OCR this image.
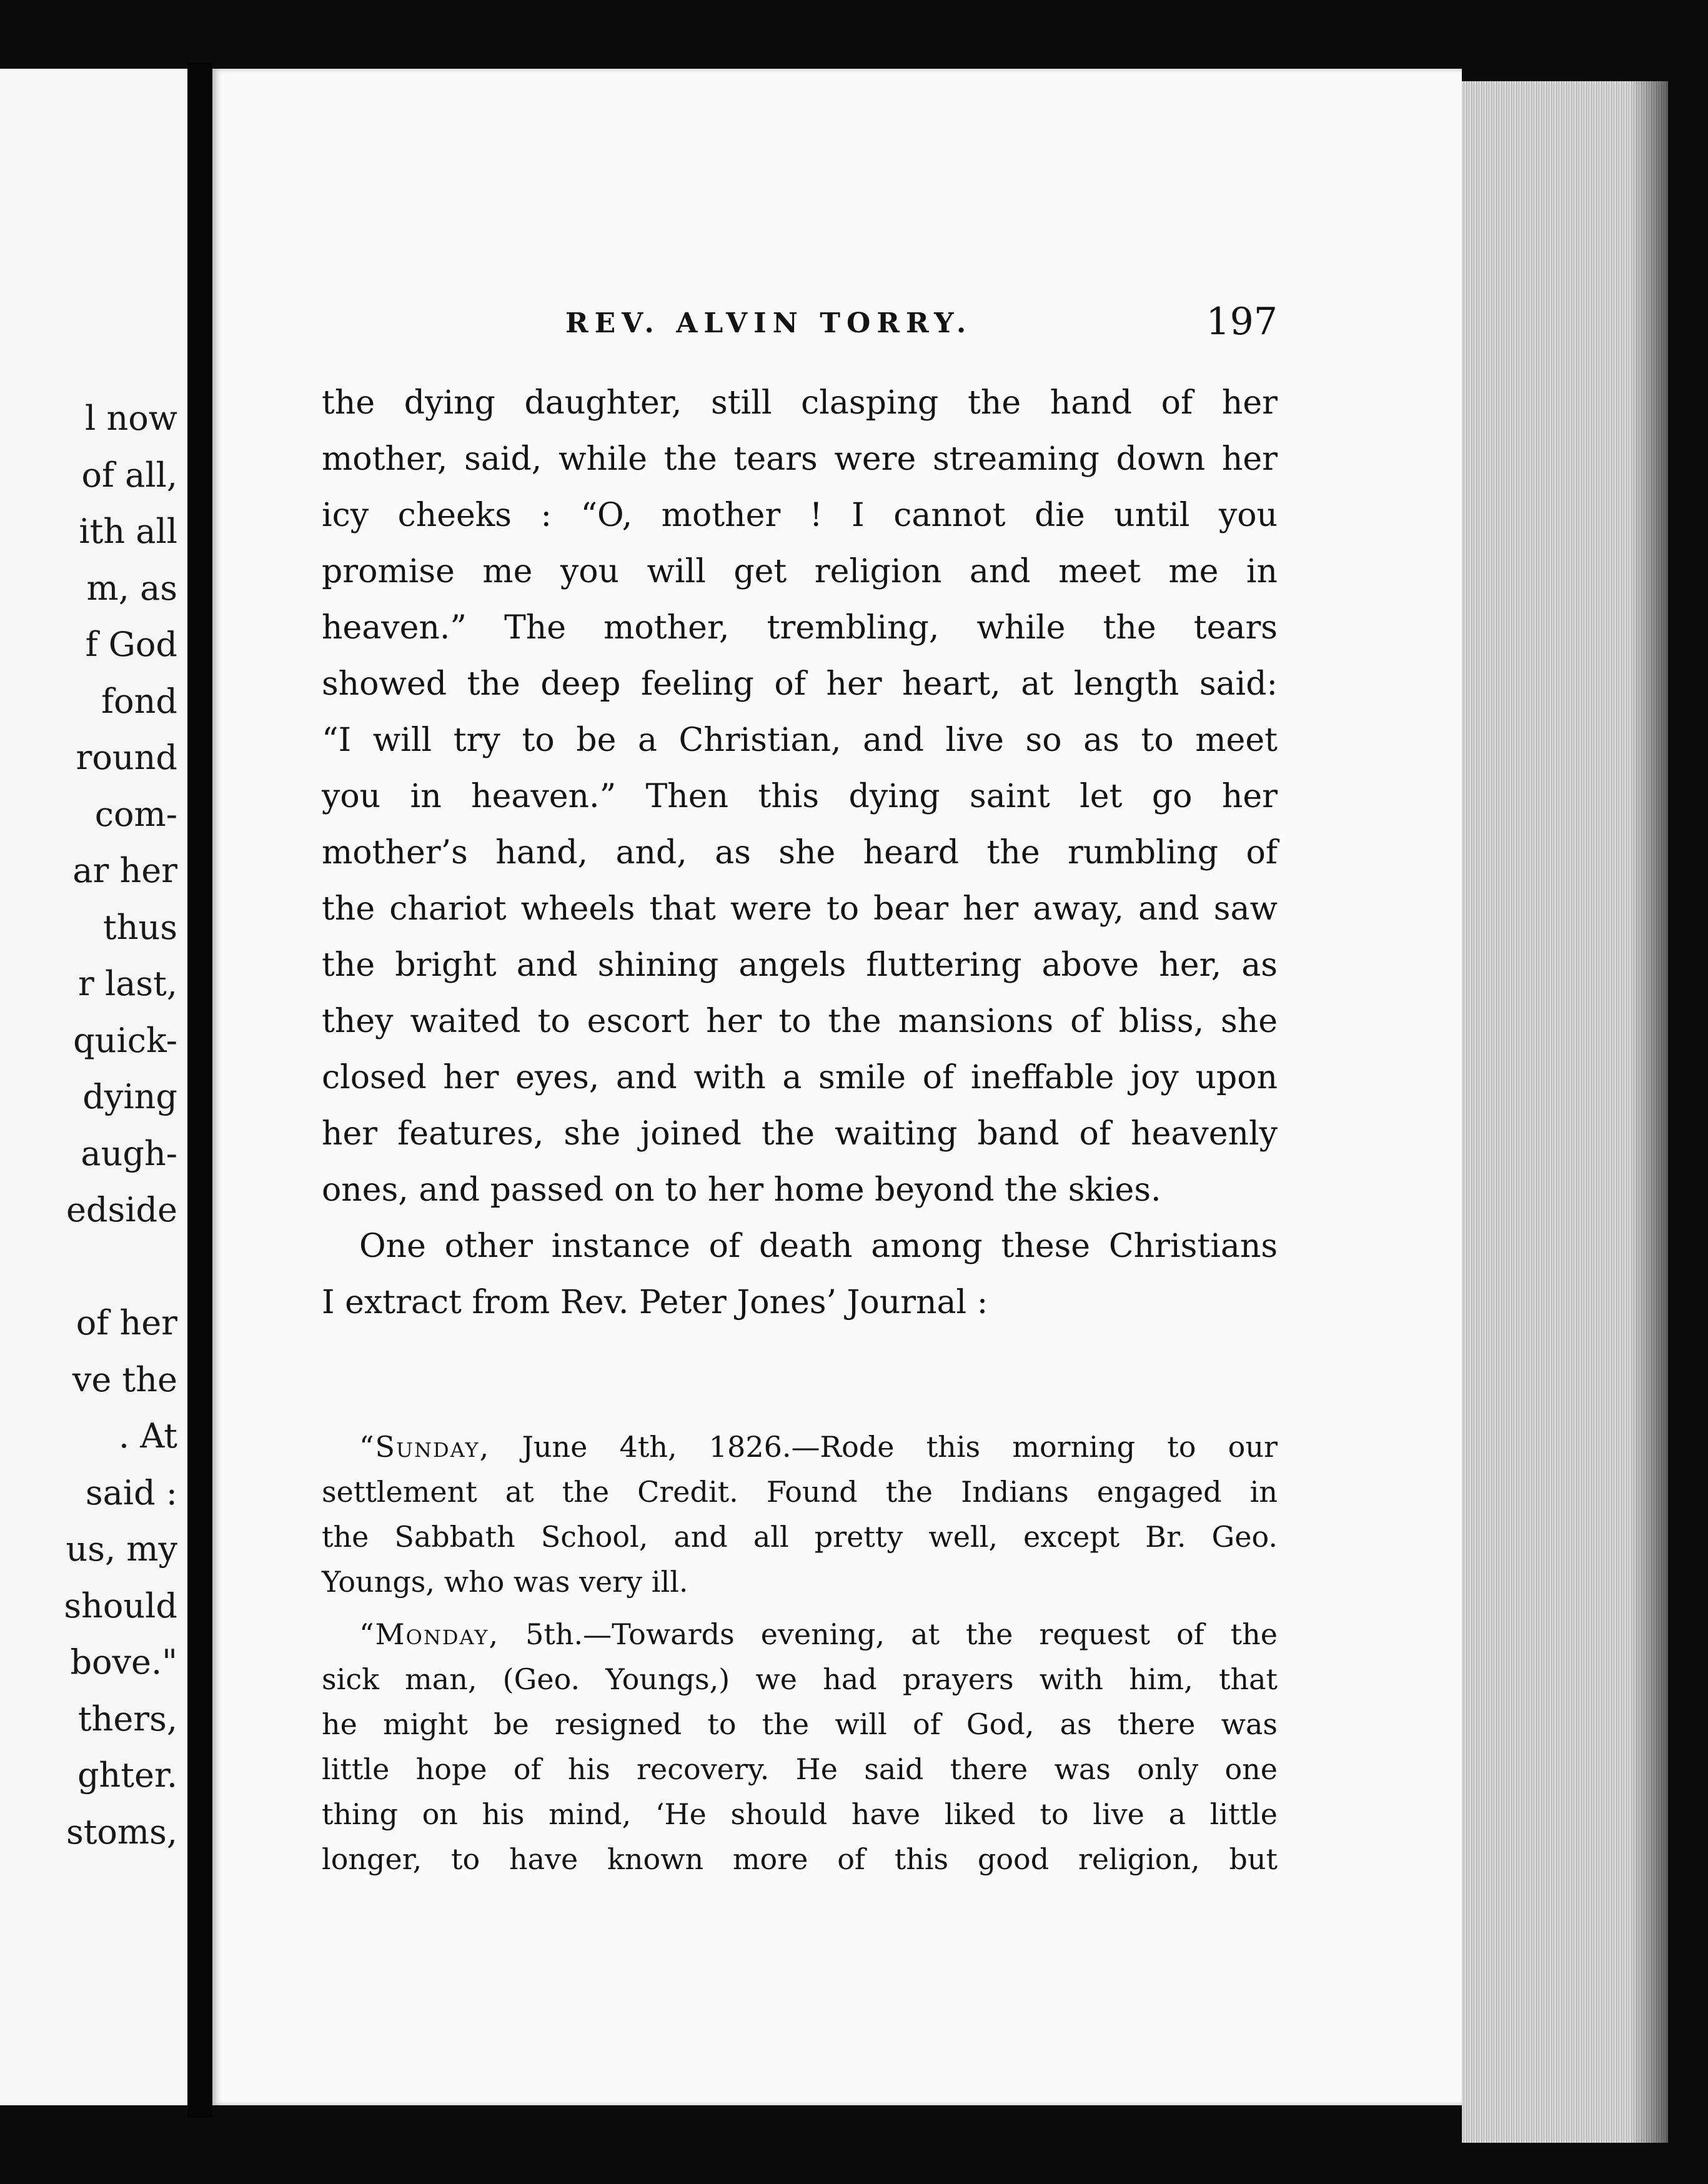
l now
of all,
ith all
m, as
f God
fond
round
com-
ar her
thus
r last,
quick-
dying
augh-
edside
of her
ve the
. At
said :
us, my
should
bove."
thers,
ghter.
stoms,
REV. ALVIN TORRY.	197
the dying daughter, still clasping the hand of her
mother, said, while the tears were streaming down her
icy cheeks : “O, mother ! I cannot die until you
promise me you will get religion and meet me in
heaven.” The mother, trembling, while the tears
showed the deep feeling of her heart, at length said:
“I will try to be a Christian, and live so as to meet
you in heaven.” Then this dying saint let go her
mother’s hand, and, as she heard the rumbling of
the chariot wheels that were to bear her away, and saw
the bright and shining angels fluttering above her, as
they waited to escort her to the mansions of bliss, she
closed her eyes, and with a smile of ineffable joy upon
her features, she joined the waiting band of heavenly
ones, and passed on to her home beyond the skies.
One other instance of death among these Christians
I extract from Rev. Peter Jones’ Journal :
“Sunday, June 4th, 1826.—Rode this morning to our
settlement at the Credit. Found the Indians engaged in
the Sabbath School, and all pretty well, except Br. Geo.
Youngs, who was very ill.
“Monday, 5th.—Towards evening, at the request of the
sick man, (Geo. Youngs,) we had prayers with him, that
he might be resigned to the will of God, as there was
little hope of his recovery. He said there was only one
thing on his mind, ‘He should have liked to live a little
longer, to have known more of this good religion, but
